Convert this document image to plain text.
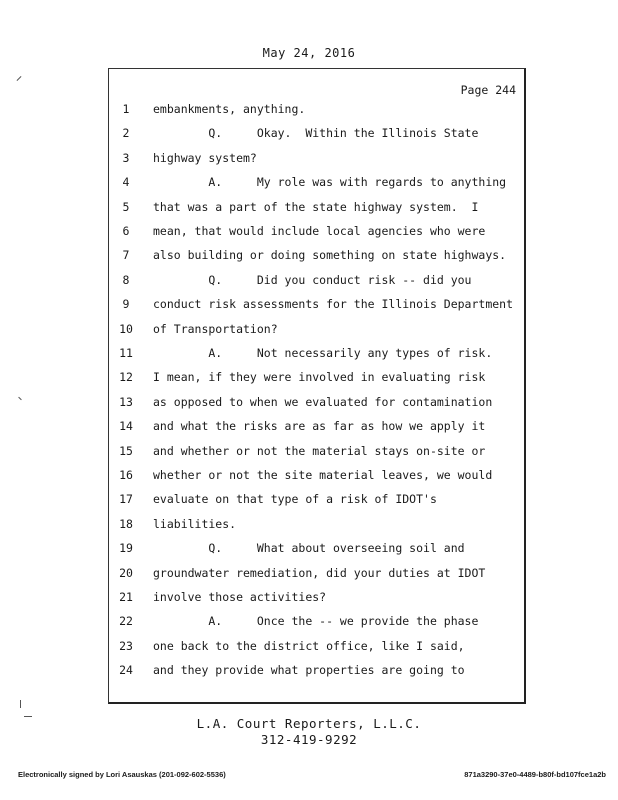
May 24, 2016
Page 244
1	embankments, anything.
2	Q.     Okay.  Within the Illinois State
3	highway system?
4	A.     My role was with regards to anything
5	that was a part of the state highway system.  I
6	mean, that would include local agencies who were
7	also building or doing something on state highways.
8	Q.     Did you conduct risk -- did you
9	conduct risk assessments for the Illinois Department
10	of Transportation?
11	A.     Not necessarily any types of risk.
12	I mean, if they were involved in evaluating risk
13	as opposed to when we evaluated for contamination
14	and what the risks are as far as how we apply it
15	and whether or not the material stays on-site or
16	whether or not the site material leaves, we would
17	evaluate on that type of a risk of IDOT's
18	liabilities.
19	Q.     What about overseeing soil and
20	groundwater remediation, did your duties at IDOT
21	involve those activities?
22	A.     Once the -- we provide the phase
23	one back to the district office, like I said,
24	and they provide what properties are going to
L.A. Court Reporters, L.L.C.
312-419-9292
Electronically signed by Lori Asauskas (201-092-602-5536)	871a3290-37e0-4489-b80f-bd107fce1a2b
